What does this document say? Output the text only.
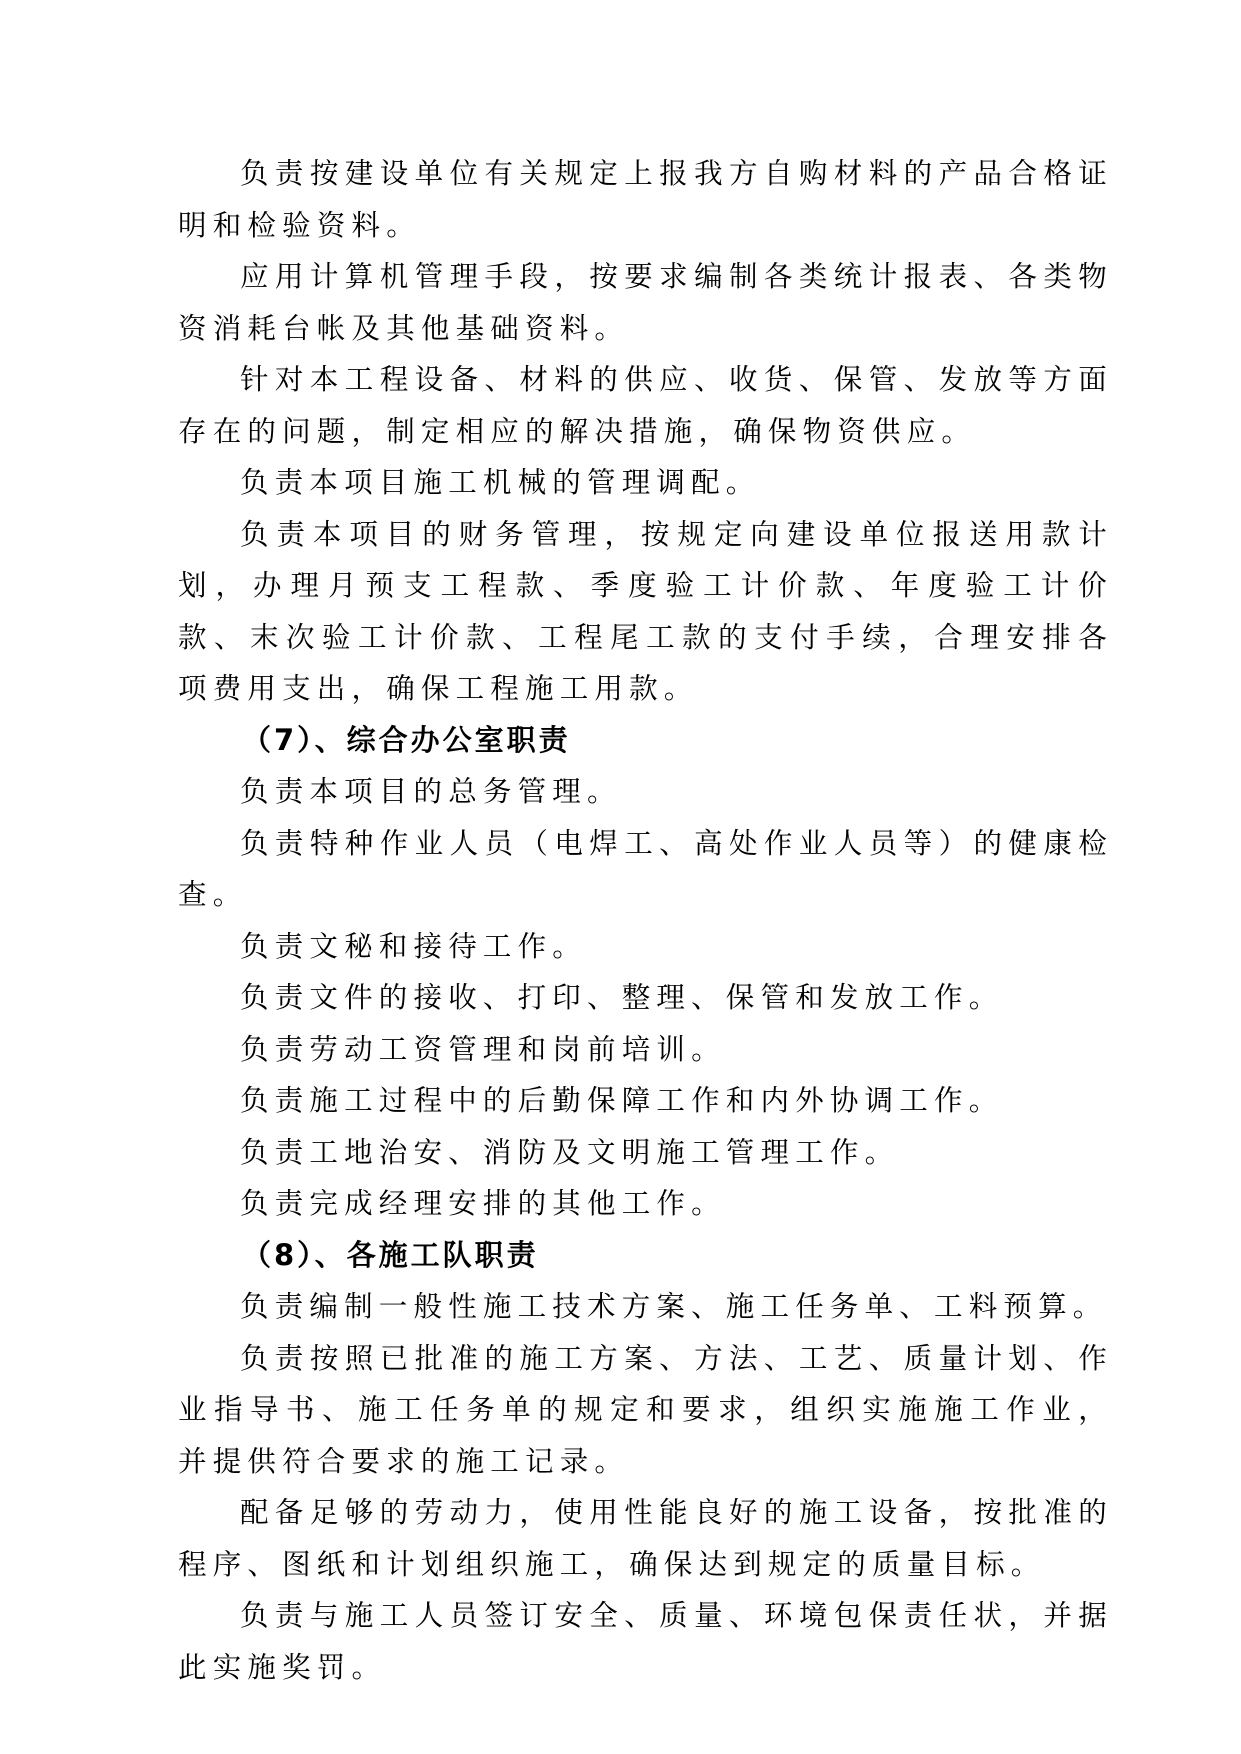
负责按建设单位有关规定上报我方自购材料的产品合格证明和检验资料。

应用计算机管理手段，按要求编制各类统计报表、各类物资消耗台帐及其他基础资料。

针对本工程设备、材料的供应、收货、保管、发放等方面存在的问题，制定相应的解决措施，确保物资供应。

负责本项目施工机械的管理调配。

负责本项目的财务管理，按规定向建设单位报送用款计划，办理月预支工程款、季度验工计价款、年度验工计价款、末次验工计价款、工程尾工款的支付手续，合理安排各项费用支出，确保工程施工用款。

（7）、综合办公室职责

负责本项目的总务管理。

负责特种作业人员（电焊工、高处作业人员等）的健康检查。

负责文秘和接待工作。

负责文件的接收、打印、整理、保管和发放工作。

负责劳动工资管理和岗前培训。

负责施工过程中的后勤保障工作和内外协调工作。

负责工地治安、消防及文明施工管理工作。

负责完成经理安排的其他工作。

（8）、各施工队职责

负责编制一般性施工技术方案、施工任务单、工料预算。

负责按照已批准的施工方案、方法、工艺、质量计划、作业指导书、施工任务单的规定和要求，组织实施施工作业，并提供符合要求的施工记录。

配备足够的劳动力，使用性能良好的施工设备，按批准的程序、图纸和计划组织施工，确保达到规定的质量目标。

负责与施工人员签订安全、质量、环境包保责任状，并据此实施奖罚。
